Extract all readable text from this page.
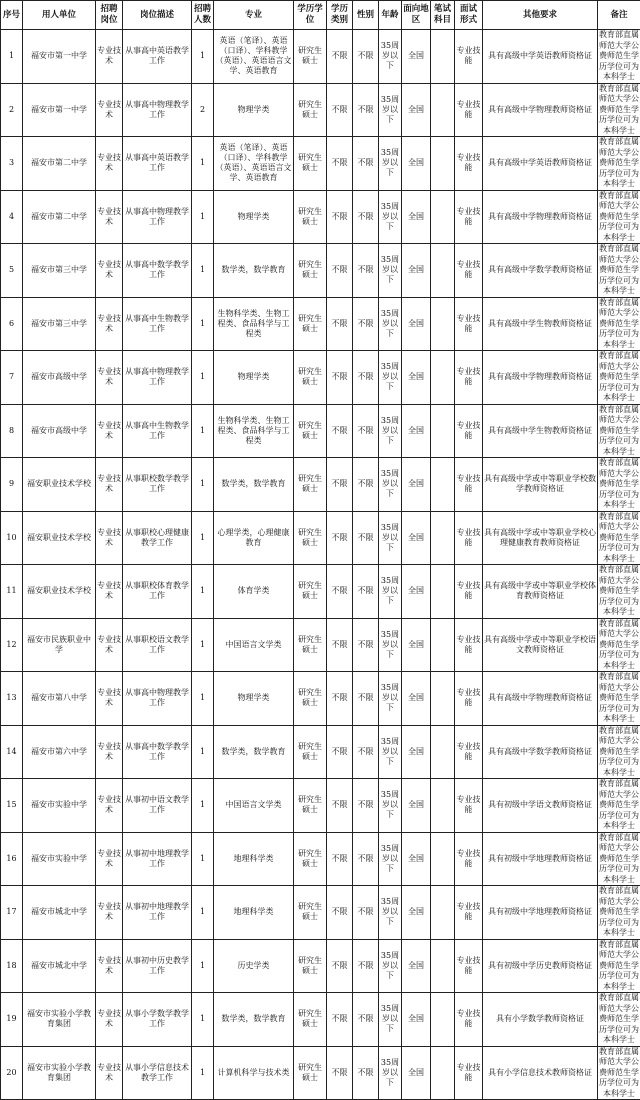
序号	用人单位	招聘岗位	岗位描述	招聘人数	专业	学历学位	学历类别	性别	年龄	面向地区	笔试科目	面试形式	其他要求	备注
1	福安市第一中学	专业技术	从事高中英语教学工作	1	英语（笔译）、英语（口译）、学科教学（英语）、英语语言文学、英语教育	研究生硕士	不限	不限	35周岁以下	全国		专业技能	具有高级中学英语教师资格证	教育部直属师范大学公费师范生学历学位可为本科学士
2	福安市第一中学	专业技术	从事高中物理教学工作	2	物理学类	研究生硕士	不限	不限	35周岁以下	全国		专业技能	具有高级中学物理教师资格证	教育部直属师范大学公费师范生学历学位可为本科学士
3	福安市第二中学	专业技术	从事高中英语教学工作	1	英语（笔译）、英语（口译）、学科教学（英语）、英语语言文学、英语教育	研究生硕士	不限	不限	35周岁以下	全国		专业技能	具有高级中学英语教师资格证	教育部直属师范大学公费师范生学历学位可为本科学士
4	福安市第二中学	专业技术	从事高中物理教学工作	1	物理学类	研究生硕士	不限	不限	35周岁以下	全国		专业技能	具有高级中学物理教师资格证	教育部直属师范大学公费师范生学历学位可为本科学士
5	福安市第三中学	专业技术	从事高中数学教学工作	1	数学类，数学教育	研究生硕士	不限	不限	35周岁以下	全国		专业技能	具有高级中学数学教师资格证	教育部直属师范大学公费师范生学历学位可为本科学士
6	福安市第三中学	专业技术	从事高中生物教学工作	1	生物科学类、生物工程类、食品科学与工程类	研究生硕士	不限	不限	35周岁以下	全国		专业技能	具有高级中学生物教师资格证	教育部直属师范大学公费师范生学历学位可为本科学士
7	福安市高级中学	专业技术	从事高中物理教学工作	1	物理学类	研究生硕士	不限	不限	35周岁以下	全国		专业技能	具有高级中学物理教师资格证	教育部直属师范大学公费师范生学历学位可为本科学士
8	福安市高级中学	专业技术	从事高中生物教学工作	1	生物科学类、生物工程类、食品科学与工程类	研究生硕士	不限	不限	35周岁以下	全国		专业技能	具有高级中学生物教师资格证	教育部直属师范大学公费师范生学历学位可为本科学士
9	福安职业技术学校	专业技术	从事职校数学教学工作	1	数学类，数学教育	研究生硕士	不限	不限	35周岁以下	全国		专业技能	具有高级中学或中等职业学校数学教师资格证	教育部直属师范大学公费师范生学历学位可为本科学士
10	福安职业技术学校	专业技术	从事职校心理健康教学工作	1	心理学类，心理健康教育	研究生硕士	不限	不限	35周岁以下	全国		专业技能	具有高级中学或中等职业学校心理健康教育教师资格证	教育部直属师范大学公费师范生学历学位可为本科学士
11	福安职业技术学校	专业技术	从事职校体育教学工作	1	体育学类	研究生硕士	不限	不限	35周岁以下	全国		专业技能	具有高级中学或中等职业学校体育教师资格证	教育部直属师范大学公费师范生学历学位可为本科学士
12	福安市民族职业中学	专业技术	从事职校语文教学工作	1	中国语言文学类	研究生硕士	不限	不限	35周岁以下	全国		专业技能	具有高级中学或中等职业学校语文教师资格证	教育部直属师范大学公费师范生学历学位可为本科学士
13	福安市第八中学	专业技术	从事高中物理教学工作	1	物理学类	研究生硕士	不限	不限	35周岁以下	全国		专业技能	具有高级中学物理教师资格证	教育部直属师范大学公费师范生学历学位可为本科学士
14	福安市第六中学	专业技术	从事高中数学教学工作	1	数学类，数学教育	研究生硕士	不限	不限	35周岁以下	全国		专业技能	具有高级中学数学教师资格证	教育部直属师范大学公费师范生学历学位可为本科学士
15	福安市实验中学	专业技术	从事初中语文教学工作	1	中国语言文学类	研究生硕士	不限	不限	35周岁以下	全国		专业技能	具有初级中学语文教师资格证	教育部直属师范大学公费师范生学历学位可为本科学士
16	福安市实验中学	专业技术	从事初中地理教学工作	1	地理科学类	研究生硕士	不限	不限	35周岁以下	全国		专业技能	具有初级中学地理教师资格证	教育部直属师范大学公费师范生学历学位可为本科学士
17	福安市城北中学	专业技术	从事初中地理教学工作	1	地理科学类	研究生硕士	不限	不限	35周岁以下	全国		专业技能	具有初级中学地理教师资格证	教育部直属师范大学公费师范生学历学位可为本科学士
18	福安市城北中学	专业技术	从事初中历史教学工作	1	历史学类	研究生硕士	不限	不限	35周岁以下	全国		专业技能	具有初级中学历史教师资格证	教育部直属师范大学公费师范生学历学位可为本科学士
19	福安市实验小学教育集团	专业技术	从事小学数学教学工作	1	数学类，数学教育	研究生硕士	不限	不限	35周岁以下	全国		专业技能	具有小学数学教师资格证	教育部直属师范大学公费师范生学历学位可为本科学士
20	福安市实验小学教育集团	专业技术	从事小学信息技术教学工作	1	计算机科学与技术类	研究生硕士	不限	不限	35周岁以下	全国		专业技能	具有小学信息技术教师资格证	教育部直属师范大学公费师范生学历学位可为本科学士
